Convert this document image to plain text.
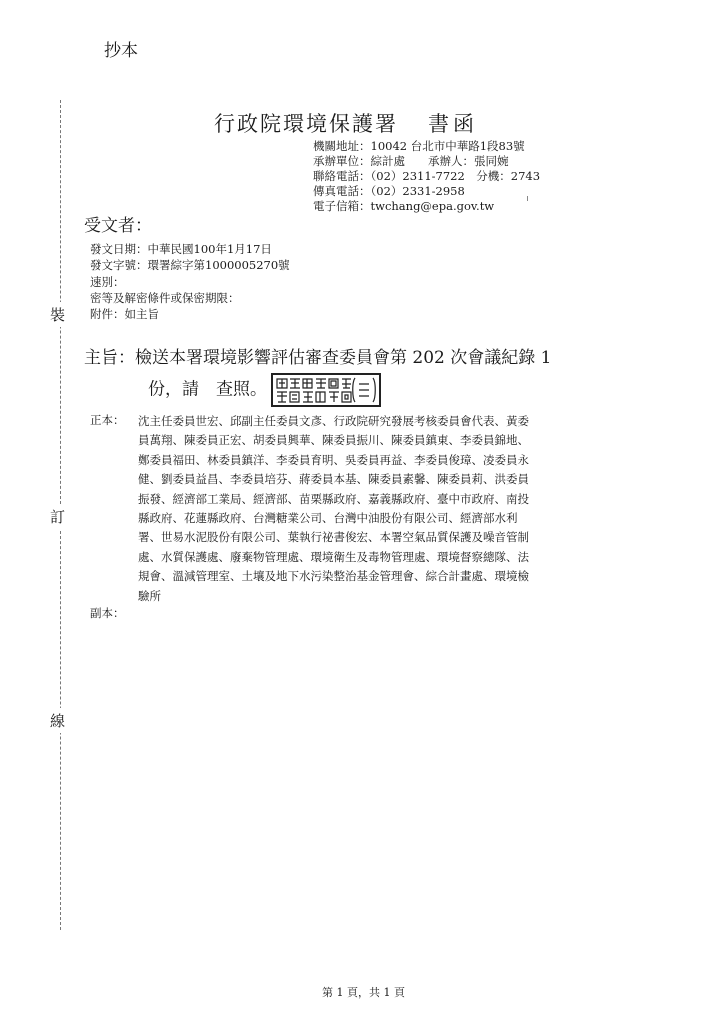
抄本
裝
訂
線
行政院環境保護署 書函
機關地址：10042 台北市中華路1段83號
承辦單位：綜計處　　承辦人：張同婉
聯絡電話：（02）2311-7722　分機：2743
傳真電話：（02）2331-2958
電子信箱：twchang@epa.gov.tw
受文者：
發文日期：中華民國100年1月17日
發文字號：環署綜字第1000005270號
速別：
密等及解密條件或保密期限：
附件：如主旨
主旨：檢送本署環境影響評估審查委員會第 202 次會議紀錄 1
份，請　查照。
正本： 沈主任委員世宏、邱副主任委員文彥、行政院研究發展考核委員會代表、黃委
員萬翔、陳委員正宏、胡委員興華、陳委員振川、陳委員鎮東、李委員錦地、
鄭委員福田、林委員鎮洋、李委員育明、吳委員再益、李委員俊璋、凌委員永
健、劉委員益昌、李委員培芬、蔣委員本基、陳委員素馨、陳委員莉、洪委員
振發、經濟部工業局、經濟部、苗栗縣政府、嘉義縣政府、臺中市政府、南投
縣政府、花蓮縣政府、台灣糖業公司、台灣中油股份有限公司、經濟部水利
署、世易水泥股份有限公司、葉執行祕書俊宏、本署空氣品質保護及噪音管制
處、水質保護處、廢棄物管理處、環境衛生及毒物管理處、環境督察總隊、法
規會、溫減管理室、土壤及地下水污染整治基金管理會、綜合計畫處、環境檢
驗所
副本：
第 1 頁，共 1 頁
